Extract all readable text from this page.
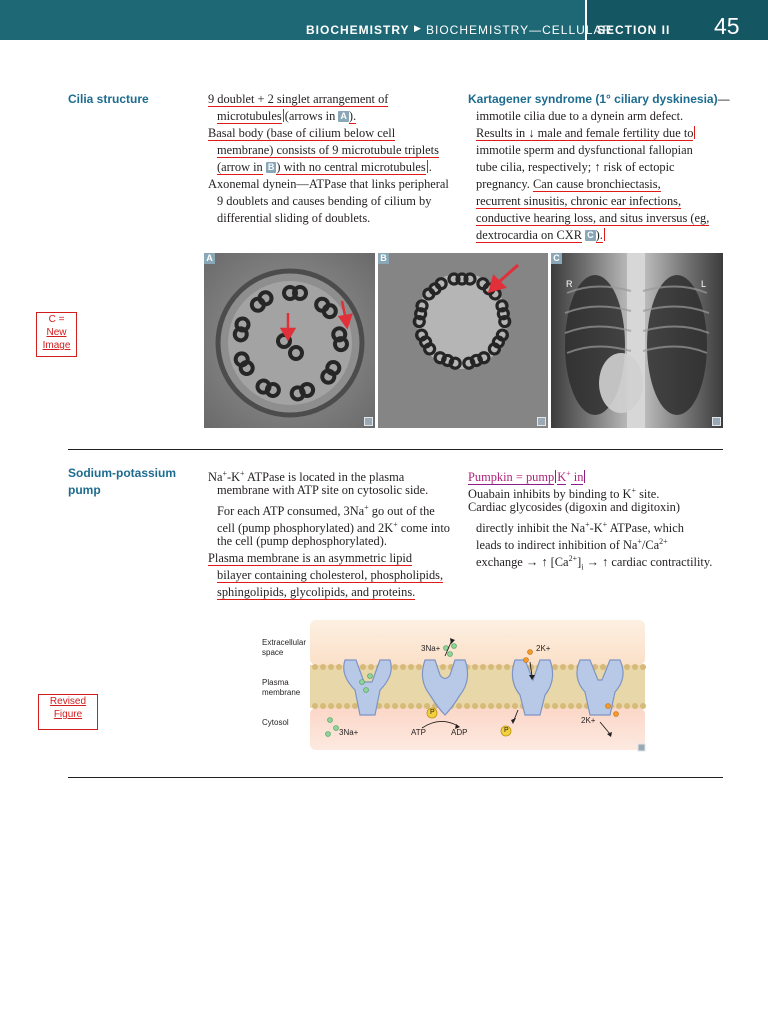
BIOCHEMISTRY ▶ BIOCHEMISTRY—CELLULAR
SECTION II 45
Cilia structure	9 doublet + 2 singlet arrangement of
microtubules (arrows in A ).
Basal body (base of cilium below cell
membrane) consists of 9 microtubule triplets
(arrow in B ) with no central microtubules .
Axonemal dynein—ATPase that links peripheral
9 doublets and causes bending of cilium by
differential sliding of doublets.
Kartagener syndrome (1° ciliary dyskinesia)—
immotile cilia due to a dynein arm defect.
Results in ↓ male and female fertility due to
immotile sperm and dysfunctional fallopian
tube cilia, respectively; ↑ risk of ectopic
pregnancy. Can cause bronchiectasis,
recurrent sinusitis, chronic ear infections,
conductive hearing loss, and situs inversus (eg,
dextrocardia on CXR C ).
A	B
R	L
C
C =
New
Image
Sodium-potassium
pump
Na+-K+ ATPase is located in the plasma
membrane with ATP site on cytosolic side.
For each ATP consumed, 3Na+ go out of the
cell (pump phosphorylated) and 2K+ come into
the cell (pump dephosphorylated).
Plasma membrane is an asymmetric lipid
bilayer containing cholesterol, phospholipids,
sphingolipids, glycolipids, and proteins.
Pumpkin = pump K+ in
Ouabain inhibits by binding to K+ site.
Cardiac glycosides (digoxin and digitoxin)
directly inhibit the Na+-K+ ATPase, which
leads to indirect inhibition of $Na^+/Ca^{2+}$
exchange → ↑ $[Ca^{2+}]_i$ → ↑ cardiac contractility.
Extracellular space
Plasma membrane
Cytosol
3Na+	2K+
3Na+
2K+
ATP	ADP
P
P
Revised
Figure
